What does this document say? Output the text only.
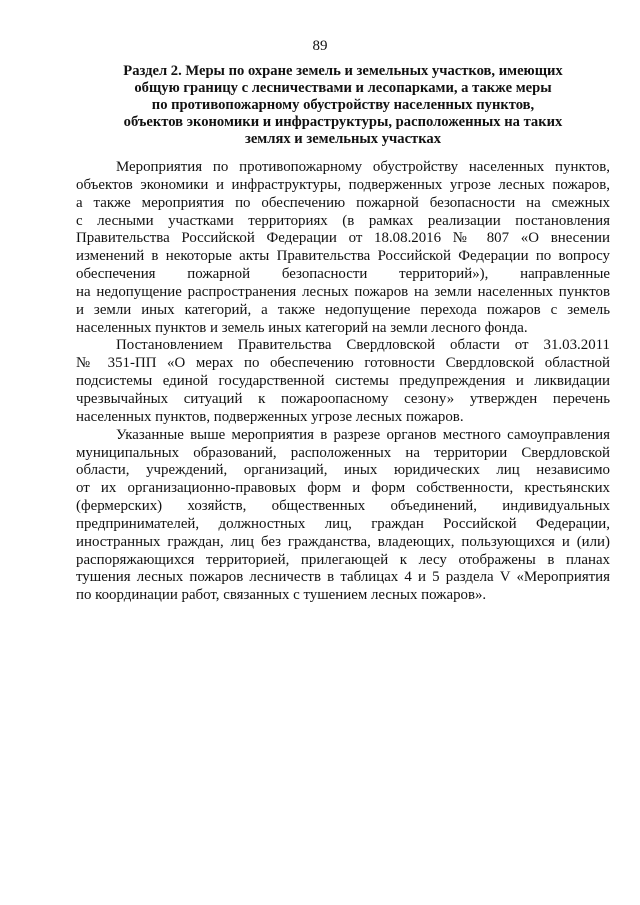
89
Раздел 2. Меры по охране земель и земельных участков, имеющих
общую границу с лесничествами и лесопарками, а также меры
по противопожарному обустройству населенных пунктов,
объектов экономики и инфраструктуры, расположенных на таких
землях и земельных участках
Мероприятия по противопожарному обустройству населенных пунктов,
объектов экономики и инфраструктуры, подверженных угрозе лесных пожаров,
а также мероприятия по обеспечению пожарной безопасности на смежных
с лесными участками территориях (в рамках реализации постановления
Правительства Российской Федерации от 18.08.2016 № 807 «О внесении
изменений в некоторые акты Правительства Российской Федерации по вопросу
обеспечения пожарной безопасности территорий»), направленные
на недопущение распространения лесных пожаров на земли населенных пунктов
и земли иных категорий, а также недопущение перехода пожаров с земель
населенных пунктов и земель иных категорий на земли лесного фонда.
Постановлением Правительства Свердловской области от 31.03.2011
№ 351-ПП «О мерах по обеспечению готовности Свердловской областной
подсистемы единой государственной системы предупреждения и ликвидации
чрезвычайных ситуаций к пожароопасному сезону» утвержден перечень
населенных пунктов, подверженных угрозе лесных пожаров.
Указанные выше мероприятия в разрезе органов местного самоуправления
муниципальных образований, расположенных на территории Свердловской
области, учреждений, организаций, иных юридических лиц независимо
от их организационно-правовых форм и форм собственности, крестьянских
(фермерских) хозяйств, общественных объединений, индивидуальных
предпринимателей, должностных лиц, граждан Российской Федерации,
иностранных граждан, лиц без гражданства, владеющих, пользующихся и (или)
распоряжающихся территорией, прилегающей к лесу отображены в планах
тушения лесных пожаров лесничеств в таблицах 4 и 5 раздела V «Мероприятия
по координации работ, связанных с тушением лесных пожаров».
